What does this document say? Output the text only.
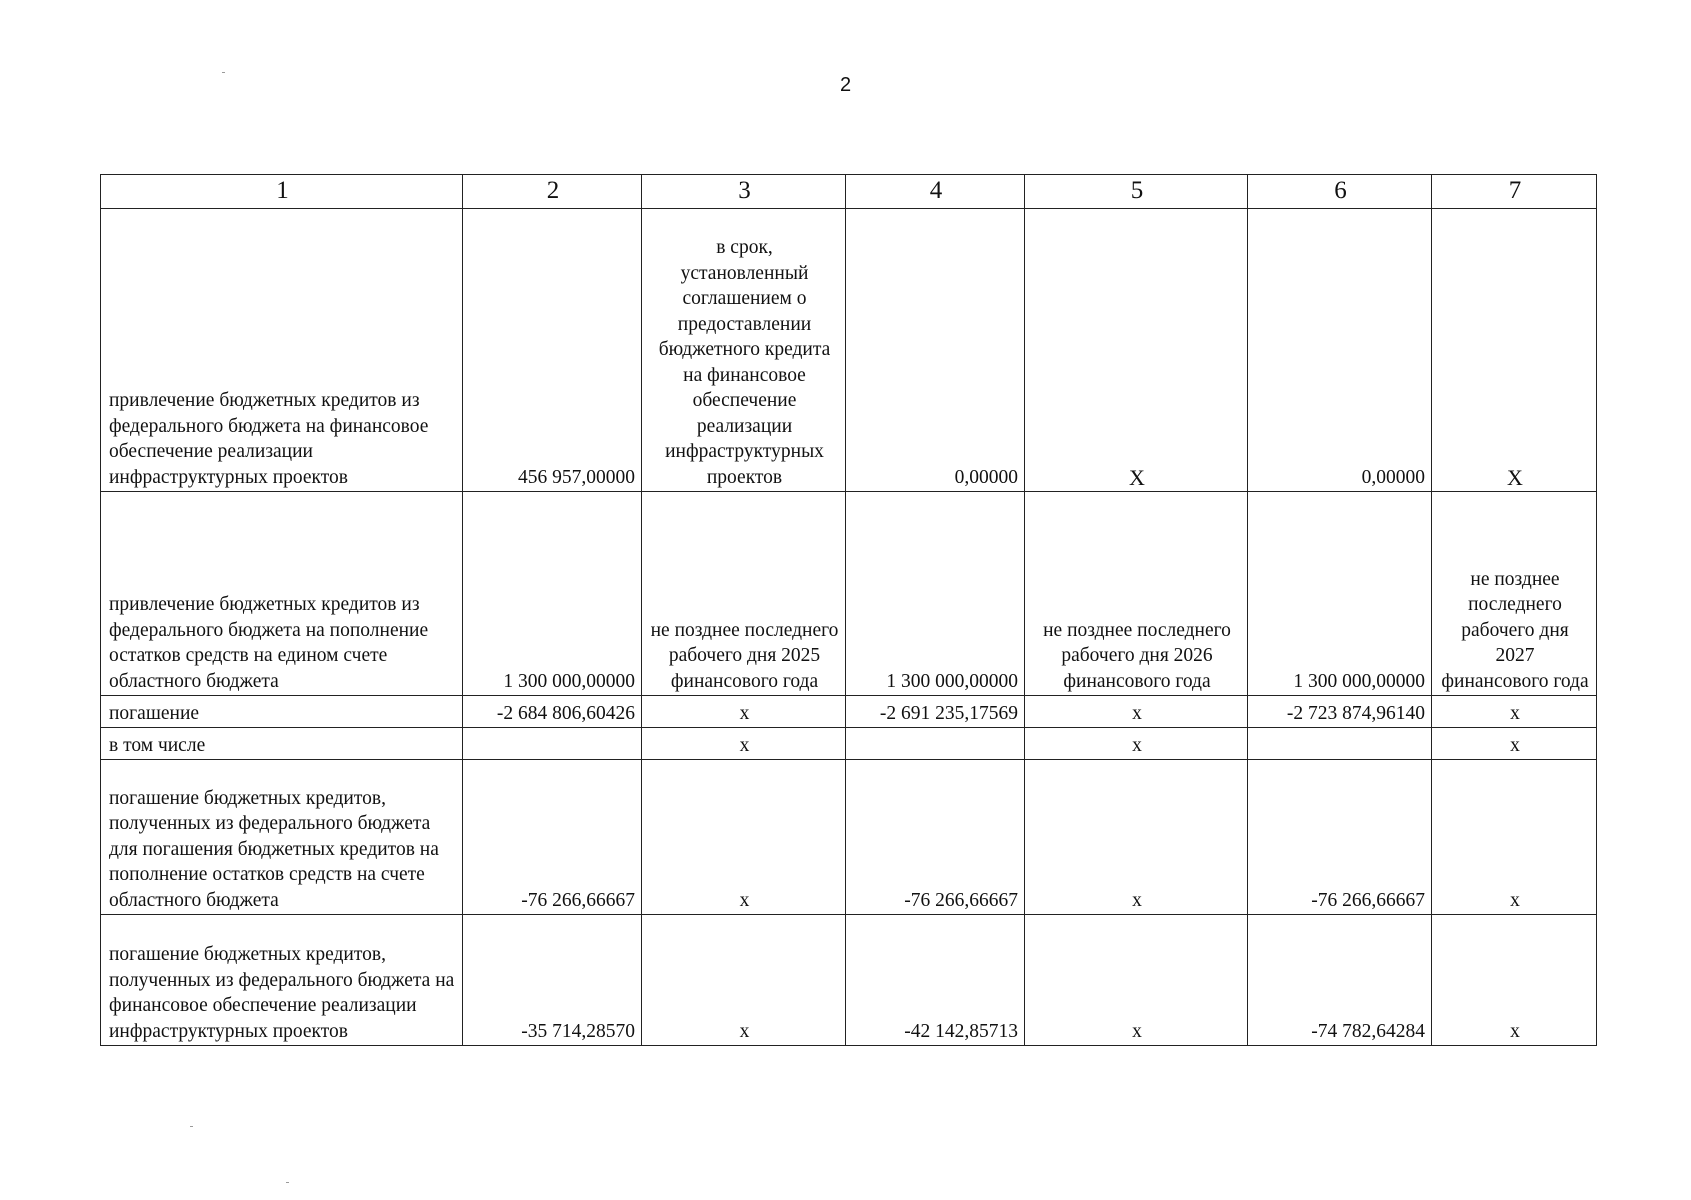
2
1	2	3	4	5	6	7
привлечение бюджетных кредитов из федерального бюджета на финансовое обеспечение реализации инфраструктурных проектов	456 957,00000	в срок, установленный соглашением о предоставлении бюджетного кредита на финансовое обеспечение реализации инфраструктурных проектов	0,00000	Х	0,00000	Х
привлечение бюджетных кредитов из федерального бюджета на пополнение остатков средств на едином счете областного бюджета	1 300 000,00000	не позднее последнего рабочего дня 2025 финансового года	1 300 000,00000	не позднее последнего рабочего дня 2026 финансового года	1 300 000,00000	не позднее последнего рабочего дня 2027 финансового года
погашение	-2 684 806,60426	х	-2 691 235,17569	х	-2 723 874,96140	х
в том числе		х		х		х
погашение бюджетных кредитов, полученных из федерального бюджета для погашения бюджетных кредитов на пополнение остатков средств на счете областного бюджета	-76 266,66667	х	-76 266,66667	х	-76 266,66667	х
погашение бюджетных кредитов, полученных из федерального бюджета на финансовое обеспечение реализации инфраструктурных проектов	-35 714,28570	х	-42 142,85713	х	-74 782,64284	х
